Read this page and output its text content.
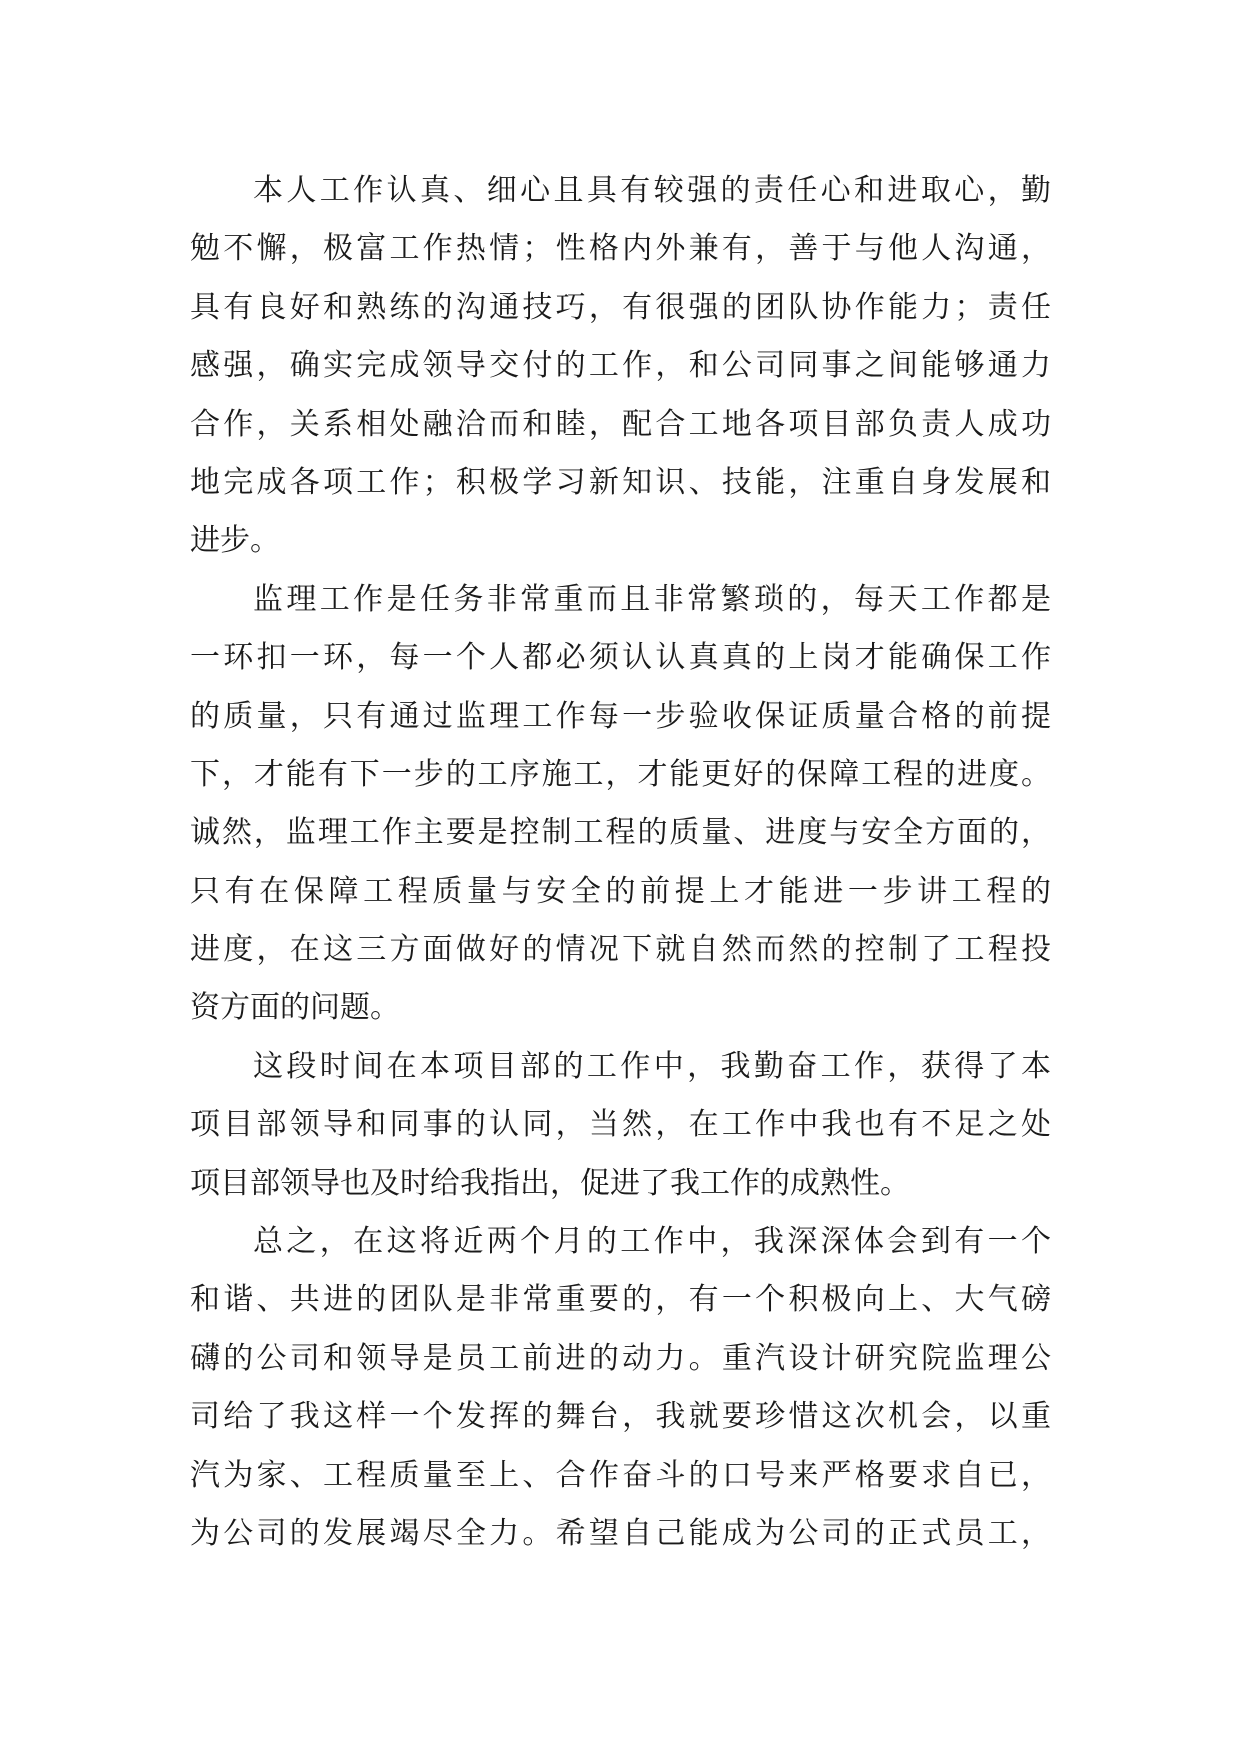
本人工作认真、细心且具有较强的责任心和进取心，勤
勉不懈，极富工作热情；性格内外兼有，善于与他人沟通，
具有良好和熟练的沟通技巧，有很强的团队协作能力；责任
感强，确实完成领导交付的工作，和公司同事之间能够通力
合作，关系相处融洽而和睦，配合工地各项目部负责人成功
地完成各项工作；积极学习新知识、技能，注重自身发展和
进步。
监理工作是任务非常重而且非常繁琐的，每天工作都是
一环扣一环，每一个人都必须认认真真的上岗才能确保工作
的质量，只有通过监理工作每一步验收保证质量合格的前提
下，才能有下一步的工序施工，才能更好的保障工程的进度。
诚然，监理工作主要是控制工程的质量、进度与安全方面的，
只有在保障工程质量与安全的前提上才能进一步讲工程的
进度，在这三方面做好的情况下就自然而然的控制了工程投
资方面的问题。
这段时间在本项目部的工作中，我勤奋工作，获得了本
项目部领导和同事的认同，当然，在工作中我也有不足之处
项目部领导也及时给我指出，促进了我工作的成熟性。
总之，在这将近两个月的工作中，我深深体会到有一个
和谐、共进的团队是非常重要的，有一个积极向上、大气磅
礴的公司和领导是员工前进的动力。重汽设计研究院监理公
司给了我这样一个发挥的舞台，我就要珍惜这次机会，以重
汽为家、工程质量至上、合作奋斗的口号来严格要求自已，
为公司的发展竭尽全力。希望自己能成为公司的正式员工，
